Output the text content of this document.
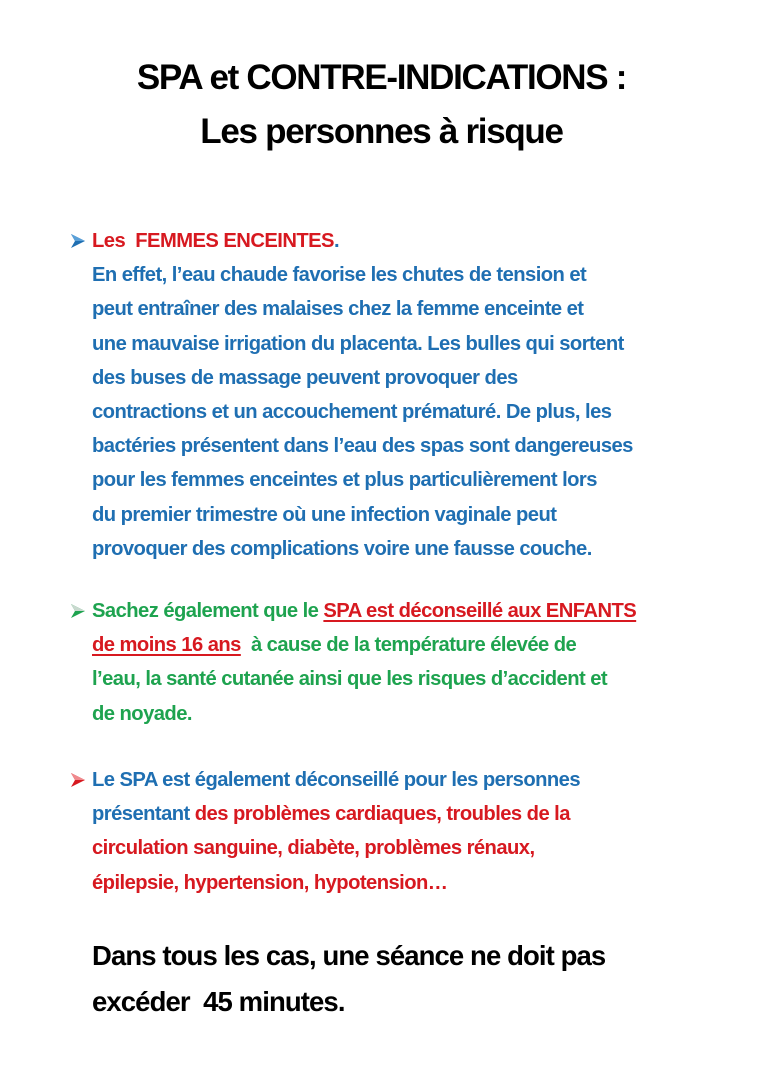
SPA et CONTRE-INDICATIONS :
Les personnes à risque
Les  FEMMES ENCEINTES.
En effet, l’eau chaude favorise les chutes de tension et
peut entraîner des malaises chez la femme enceinte et
une mauvaise irrigation du placenta. Les bulles qui sortent
des buses de massage peuvent provoquer des
contractions et un accouchement prématuré. De plus, les
bactéries présentent dans l’eau des spas sont dangereuses
pour les femmes enceintes et plus particulièrement lors
du premier trimestre où une infection vaginale peut
provoquer des complications voire une fausse couche.
Sachez également que le SPA est déconseillé aux ENFANTS
de moins 16 ans  à cause de la température élevée de
l’eau, la santé cutanée ainsi que les risques d’accident et
de noyade.
Le SPA est également déconseillé pour les personnes
présentant des problèmes cardiaques, troubles de la
circulation sanguine, diabète, problèmes rénaux,
épilepsie, hypertension, hypotension…
Dans tous les cas, une séance ne doit pas
excéder  45 minutes.
